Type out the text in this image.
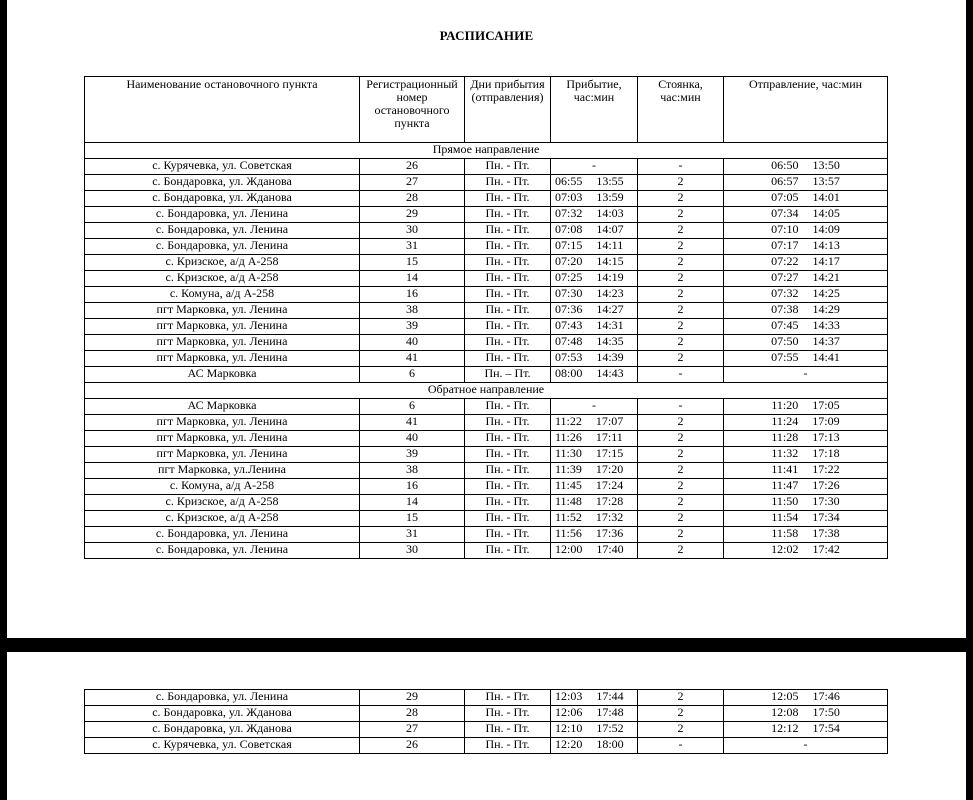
РАСПИСАНИЕ
Наименование остановочного пункта	Регистрационный номер остановочного пункта	Дни прибытия (отправления)	Прибытие, час:мин	Стоянка, час:мин	Отправление, час:мин
Прямое направление					
с. Курячевка, ул. Советская	26	Пн. - Пт.	-	-	06:50 13:50
с. Бондаровка, ул. Жданова	27	Пн. - Пт.	06:55 13:55	2	06:57 13:57
с. Бондаровка, ул. Жданова	28	Пн. - Пт.	07:03 13:59	2	07:05 14:01
с. Бондаровка, ул. Ленина	29	Пн. - Пт.	07:32 14:03	2	07:34 14:05
с. Бондаровка, ул. Ленина	30	Пн. - Пт.	07:08 14:07	2	07:10 14:09
с. Бондаровка, ул. Ленина	31	Пн. - Пт.	07:15 14:11	2	07:17 14:13
с. Кризское, а/д А-258	15	Пн. - Пт.	07:20 14:15	2	07:22 14:17
с. Кризское, а/д А-258	14	Пн. - Пт.	07:25 14:19	2	07:27 14:21
с. Комуна, а/д А-258	16	Пн. - Пт.	07:30 14:23	2	07:32 14:25
пгт Марковка, ул. Ленина	38	Пн. - Пт.	07:36 14:27	2	07:38 14:29
пгт Марковка, ул. Ленина	39	Пн. - Пт.	07:43 14:31	2	07:45 14:33
пгт Марковка, ул. Ленина	40	Пн. - Пт.	07:48 14:35	2	07:50 14:37
пгт Марковка, ул. Ленина	41	Пн. - Пт.	07:53 14:39	2	07:55 14:41
АС Марковка	6	Пн. – Пт.	08:00 14:43	-	-
Обратное направление					
АС Марковка	6	Пн. - Пт.	-	-	11:20 17:05
пгт Марковка, ул. Ленина	41	Пн. - Пт.	11:22 17:07	2	11:24 17:09
пгт Марковка, ул. Ленина	40	Пн. - Пт.	11:26 17:11	2	11:28 17:13
пгт Марковка, ул. Ленина	39	Пн. - Пт.	11:30 17:15	2	11:32 17:18
пгт Марковка, ул.Ленина	38	Пн. - Пт.	11:39 17:20	2	11:41 17:22
с. Комуна, а/д А-258	16	Пн. - Пт.	11:45 17:24	2	11:47 17:26
с. Кризское, а/д А-258	14	Пн. - Пт.	11:48 17:28	2	11:50 17:30
с. Кризское, а/д А-258	15	Пн. - Пт.	11:52 17:32	2	11:54 17:34
с. Бондаровка, ул. Ленина	31	Пн. - Пт.	11:56 17:36	2	11:58 17:38
с. Бондаровка, ул. Ленина	30	Пн. - Пт.	12:00 17:40	2	12:02 17:42
с. Бондаровка, ул. Ленина	29	Пн. - Пт.	12:03 17:44	2	12:05 17:46
с. Бондаровка, ул. Жданова	28	Пн. - Пт.	12:06 17:48	2	12:08 17:50
с. Бондаровка, ул. Жданова	27	Пн. - Пт.	12:10 17:52	2	12:12 17:54
с. Курячевка, ул. Советская	26	Пн. - Пт.	12:20 18:00	-	-
